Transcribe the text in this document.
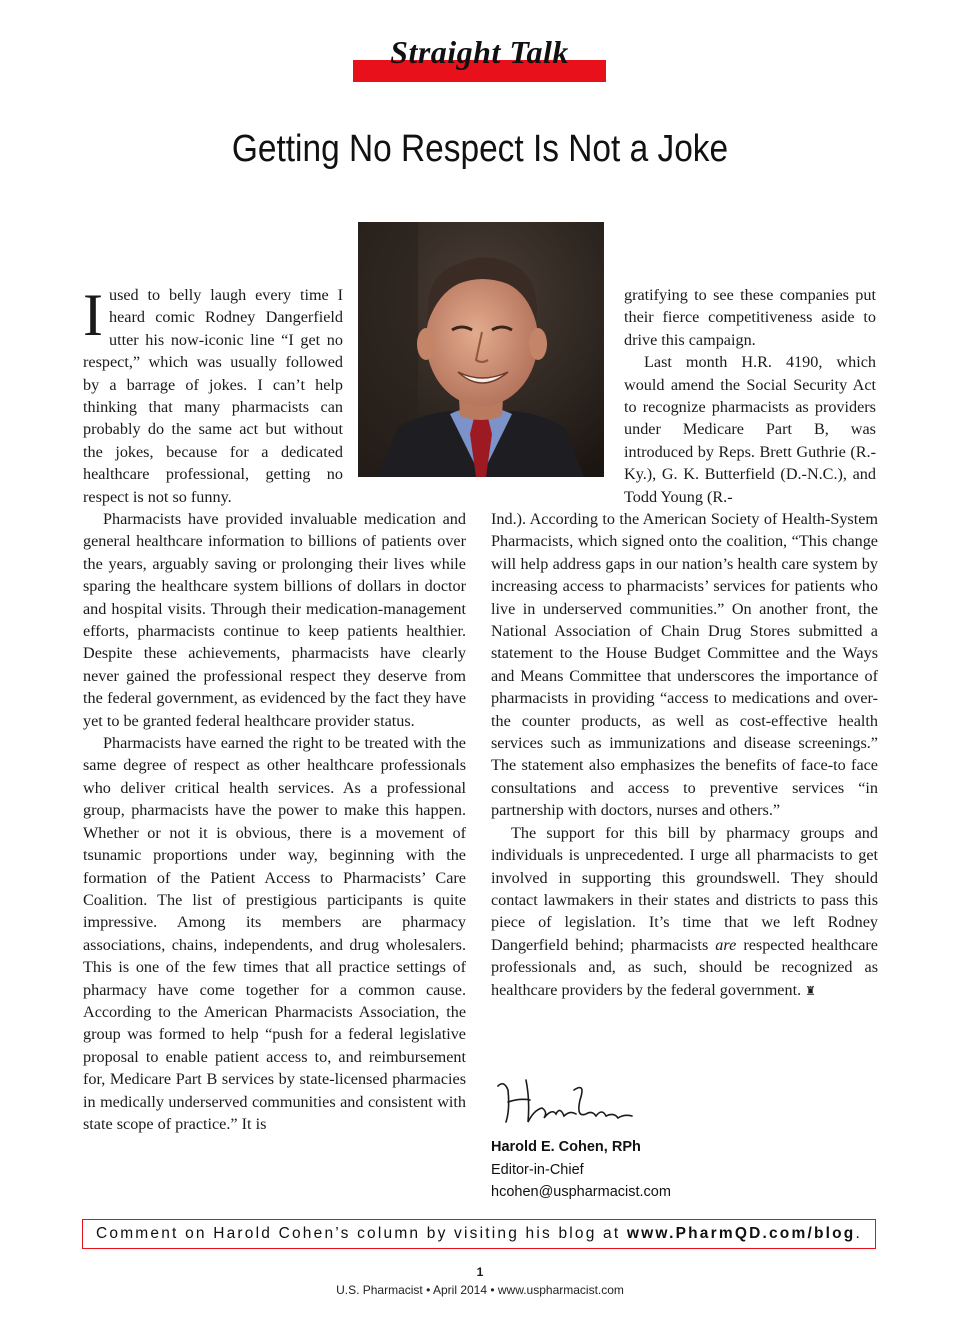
Straight Talk
Getting No Respect Is Not a Joke

Iused to belly laugh every time I heard comic Rodney Dangerfield utter his now-iconic line “I get no respect,” which was usually followed by a barrage of jokes. I can’t help thinking that many pharmacists can probably do the same act but without the jokes, because for a dedicated healthcare professional, getting no respect is not so funny.

Pharmacists have provided invaluable medication and general healthcare information to billions of patients over the years, arguably saving or prolonging their lives while sparing the healthcare system billions of dollars in doctor and hospital visits. Through their medication-management efforts, pharmacists continue to keep patients healthier. Despite these achievements, pharmacists have clearly never gained the professional respect they deserve from the federal government, as evidenced by the fact they have yet to be granted federal healthcare provider status.

Pharmacists have earned the right to be treated with the same degree of respect as other healthcare professionals who deliver critical health services. As a professional group, pharmacists have the power to make this happen. Whether or not it is obvious, there is a movement of tsunamic proportions under way, beginning with the formation of the Patient Access to Pharmacists’ Care Coalition. The list of prestigious participants is quite impressive. Among its members are pharmacy associations, chains, independents, and drug wholesalers. This is one of the few times that all practice settings of pharmacy have come together for a common cause. According to the American Pharmacists Association, the group was formed to help “push for a federal legislative proposal to enable patient access to, and reimbursement for, Medicare Part B services by state-licensed pharmacies in medically underserved communities and consistent with state scope of practice.” It is

gratifying to see these companies put their fierce competitiveness aside to drive this campaign.

Last month H.R. 4190, which would amend the Social Security Act to recognize pharmacists as providers under Medicare Part B, was introduced by Reps. Brett Guthrie (R.-Ky.), G. K. Butterfield (D.-N.C.), and Todd Young (R.-

Ind.). According to the American Society of Health-System Pharmacists, which signed onto the coalition, “This change will help address gaps in our nation’s health care system by increasing access to pharmacists’ services for patients who live in underserved communities.” On another front, the National Association of Chain Drug Stores submitted a statement to the House Budget Committee and the Ways and Means Committee that underscores the importance of pharmacists in providing “access to medications and over-the counter products, as well as cost-effective health services such as immunizations and disease screenings.” The statement also emphasizes the benefits of face-to face consultations and access to preventive services “in partnership with doctors, nurses and others.”

The support for this bill by pharmacy groups and individuals is unprecedented. I urge all pharmacists to get involved in supporting this groundswell. They should contact lawmakers in their states and districts to pass this piece of legislation. It’s time that we left Rodney Dangerfield behind; pharmacists are respected healthcare professionals and, as such, should be recognized as healthcare providers by the federal government. ♜

Harold E. Cohen, RPh
Editor-in-Chief
hcohen@uspharmacist.com
Comment on Harold Cohen’s column by visiting his blog at www.PharmQD.com/blog.
1
U.S. Pharmacist • April 2014 • www.uspharmacist.com
